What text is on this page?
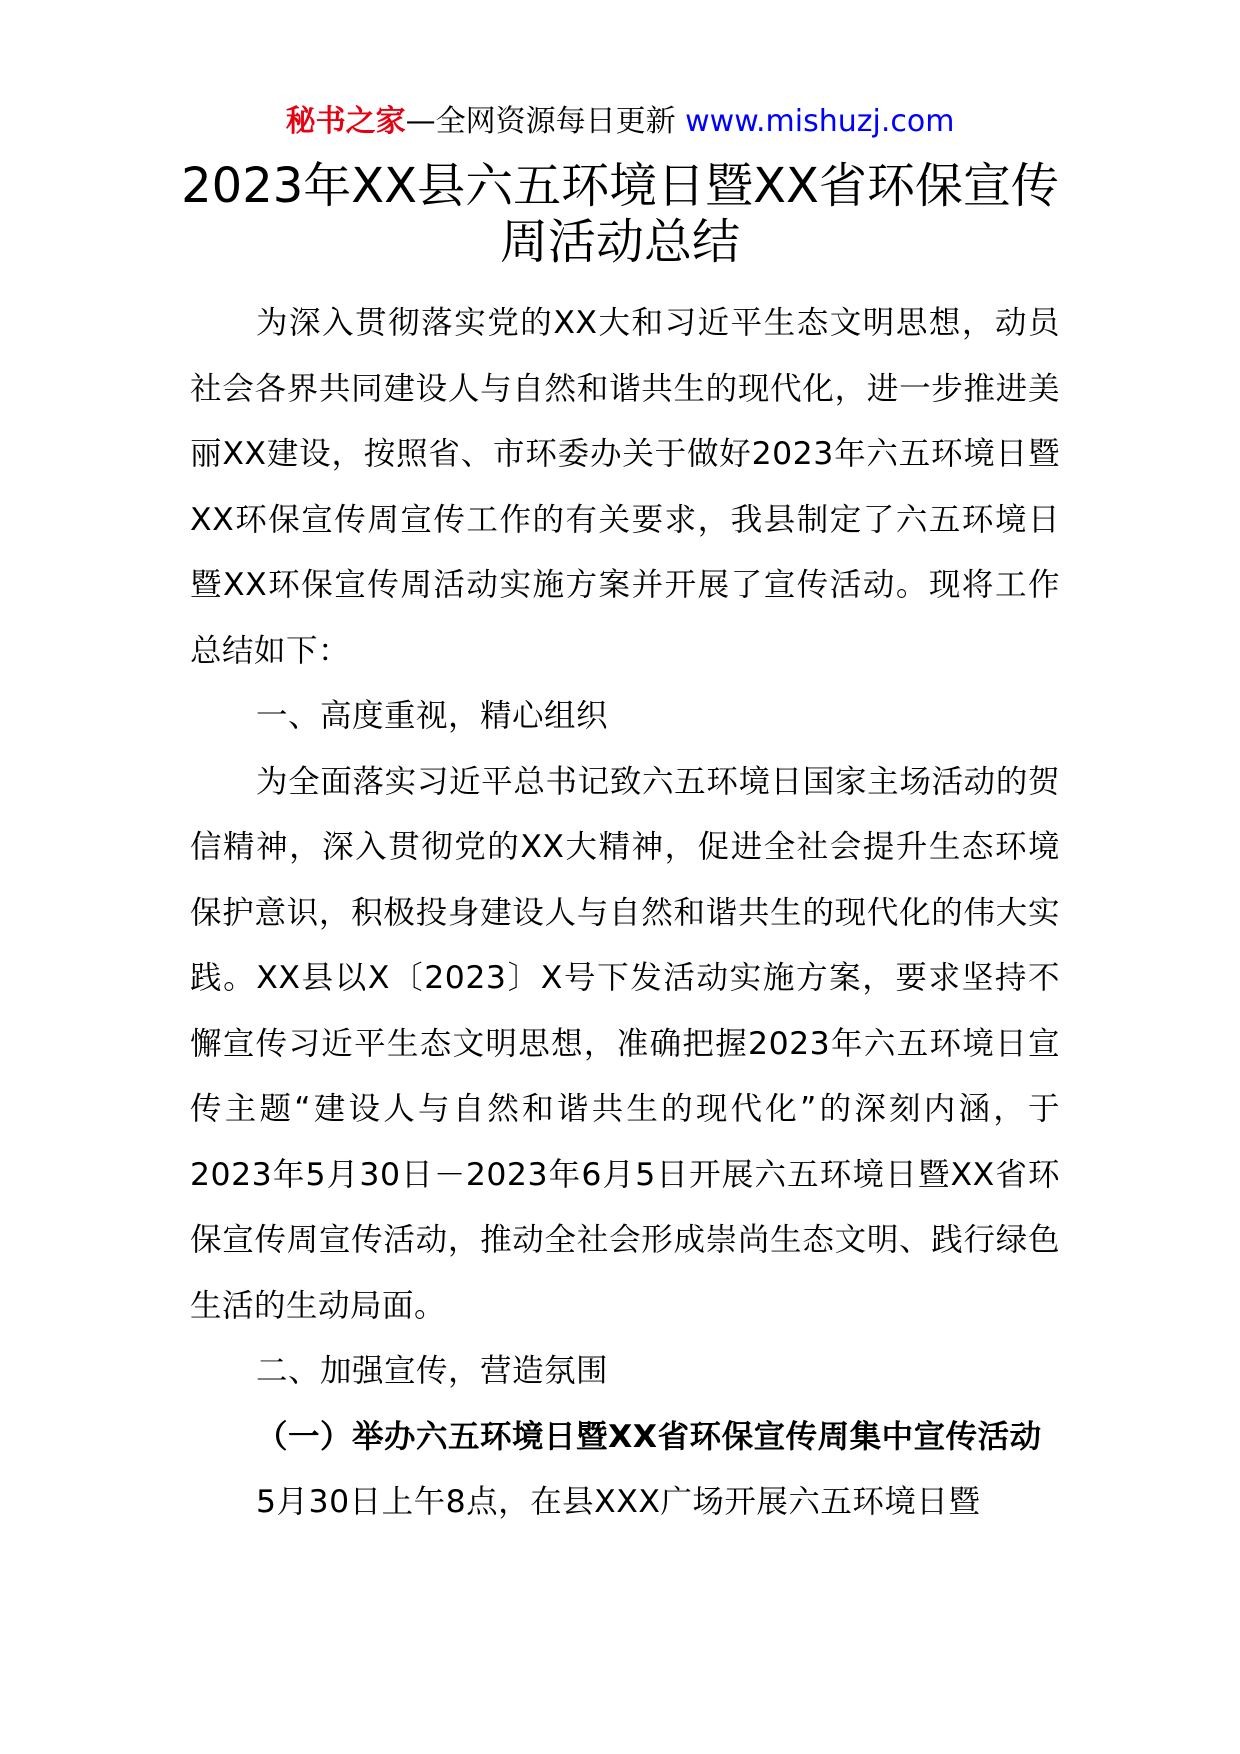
秘书之家—全网资源每日更新 www.mishuzj.com
2023年XX县六五环境日暨XX省环保宣传周活动总结

为深入贯彻落实党的XX大和习近平生态文明思想，动员社会各界共同建设人与自然和谐共生的现代化，进一步推进美丽XX建设，按照省、市环委办关于做好2023年六五环境日暨XX环保宣传周宣传工作的有关要求，我县制定了六五环境日暨XX环保宣传周活动实施方案并开展了宣传活动。现将工作总结如下：

一、高度重视，精心组织

为全面落实习近平总书记致六五环境日国家主场活动的贺信精神，深入贯彻党的XX大精神，促进全社会提升生态环境保护意识，积极投身建设人与自然和谐共生的现代化的伟大实践。XX县以X〔2023〕X号下发活动实施方案，要求坚持不懈宣传习近平生态文明思想，准确把握2023年六五环境日宣传主题“建设人与自然和谐共生的现代化”的深刻内涵，于2023年5月30日－2023年6月5日开展六五环境日暨XX省环保宣传周宣传活动，推动全社会形成崇尚生态文明、践行绿色生活的生动局面。

二、加强宣传，营造氛围

（一）举办六五环境日暨XX省环保宣传周集中宣传活动

5月30日上午8点，在县XXX广场开展六五环境日暨
